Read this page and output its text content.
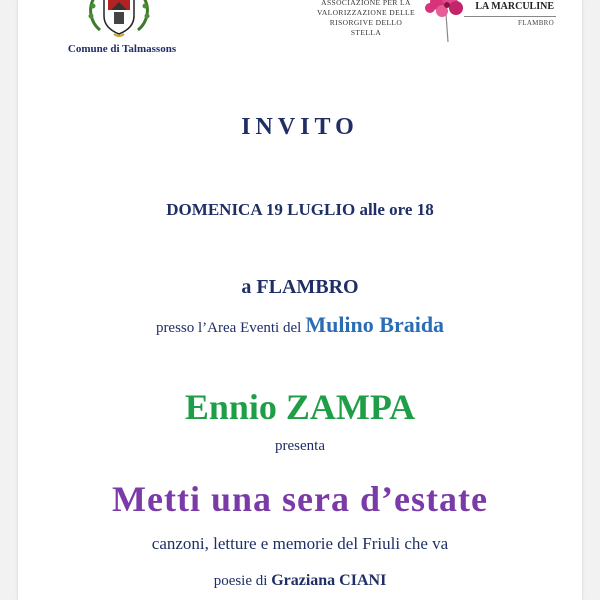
Comune di Talmassons
ASSOCIAZIONE PER LA
VALORIZZAZIONE DELLE
RISORGIVE DELLO STELLA
LA MARCULINE
FLAMBRO
INVITO
DOMENICA 19 LUGLIO alle ore 18
a FLAMBRO
presso l’Area Eventi del Mulino Braida
Ennio ZAMPA
presenta
Metti una sera d’estate
canzoni, letture e memorie del Friuli che va
poesie di Graziana CIANI
